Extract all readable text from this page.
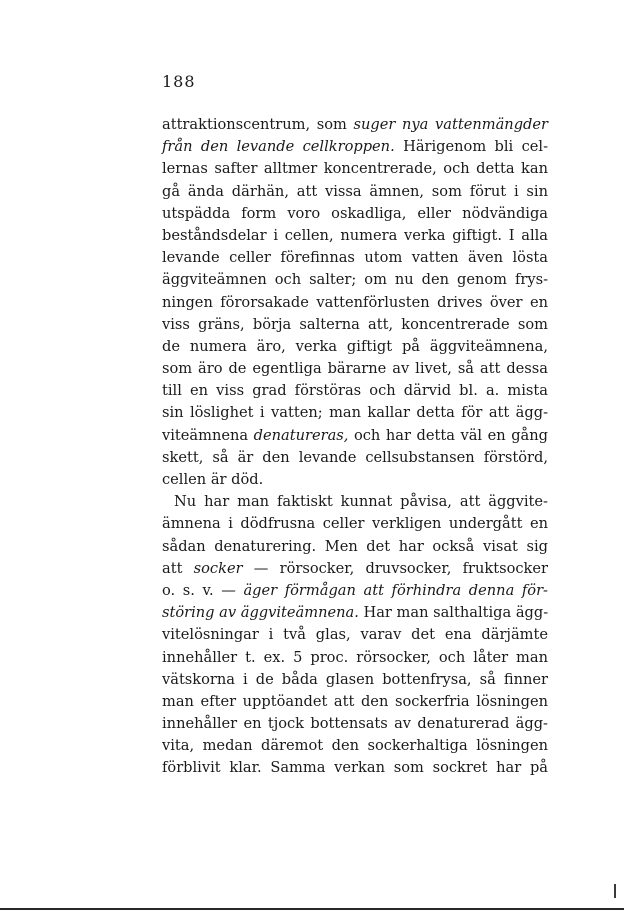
188
attraktionscentrum, som suger nya vattenmängder
från den levande cellkroppen. Härigenom bli cel-
lernas safter alltmer koncentrerade, och detta kan
gå ända därhän, att vissa ämnen, som förut i sin
utspädda form voro oskadliga, eller nödvändiga
beståndsdelar i cellen, numera verka giftigt. I alla
levande celler förefinnas utom vatten även lösta
äggviteämnen och salter; om nu den genom frys-
ningen förorsakade vattenförlusten drives över en
viss gräns, börja salterna att, koncentrerade som
de numera äro, verka giftigt på äggviteämnena,
som äro de egentliga bärarne av livet, så att dessa
till en viss grad förstöras och därvid bl. a. mista
sin löslighet i vatten; man kallar detta för att ägg-
viteämnena denatureras, och har detta väl en gång
skett, så är den levande cellsubstansen förstörd,
cellen är död.
Nu har man faktiskt kunnat påvisa, att äggvite-
ämnena i dödfrusna celler verkligen undergått en
sådan denaturering. Men det har också visat sig
att socker — rörsocker, druvsocker, fruktsocker
o. s. v. — äger förmågan att förhindra denna för-
störing av äggviteämnena. Har man salthaltiga ägg-
vitelösningar i två glas, varav det ena därjämte
innehåller t. ex. 5 proc. rörsocker, och låter man
vätskorna i de båda glasen bottenfrysa, så finner
man efter upptöandet att den sockerfria lösningen
innehåller en tjock bottensats av denaturerad ägg-
vita, medan däremot den sockerhaltiga lösningen
förblivit klar. Samma verkan som sockret har på
